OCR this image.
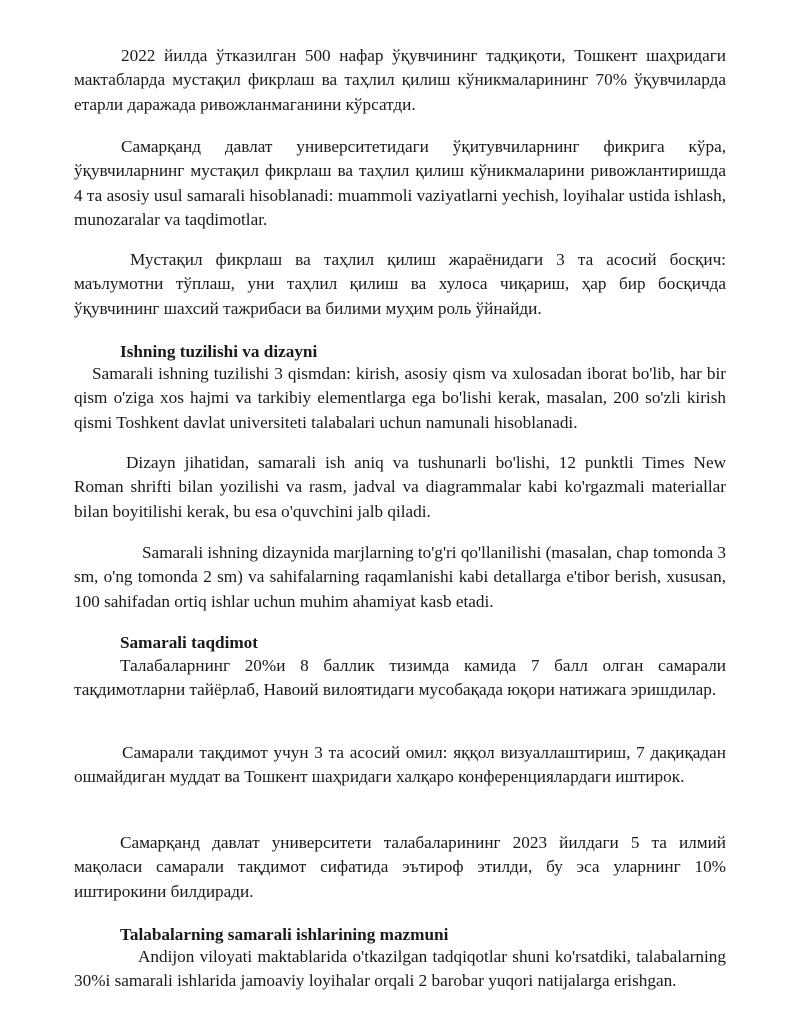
2022 йилда ўтказилган 500 нафар ўқувчининг тадқиқоти, Тошкент шаҳридаги мактабларда мустақил фикрлаш ва таҳлил қилиш кўникмаларининг 70% ўқувчиларда етарли даражада ривожланмаганини кўрсатди.

Самарқанд давлат университетидаги ўқитувчиларнинг фикрига кўра, ўқувчиларнинг мустақил фикрлаш ва таҳлил қилиш кўникмаларини ривожлантиришда 4 та asosiy usul samarali hisoblanadi: muammoli vaziyatlarni yechish, loyihalar ustida ishlash, munozaralar va taqdimotlar.

Мустақил фикрлаш ва таҳлил қилиш жараёнидаги 3 та асосий босқич: маълумотни тўплаш, уни таҳлил қилиш ва хулоса чиқариш, ҳар бир босқичда ўқувчининг шахсий тажрибаси ва билими муҳим роль ўйнайди.

Ishning tuzilishi va dizayni

Samarali ishning tuzilishi 3 qismdan: kirish, asosiy qism va xulosadan iborat bo'lib, har bir qism o'ziga xos hajmi va tarkibiy elementlarga ega bo'lishi kerak, masalan, 200 so'zli kirish qismi Toshkent davlat universiteti talabalari uchun namunali hisoblanadi.

Dizayn jihatidan, samarali ish aniq va tushunarli bo'lishi, 12 punktli Times New Roman shrifti bilan yozilishi va rasm, jadval va diagrammalar kabi ko'rgazmali materiallar bilan boyitilishi kerak, bu esa o'quvchini jalb qiladi.

Samarali ishning dizaynida marjlarning to'g'ri qo'llanilishi (masalan, chap tomonda 3 sm, o'ng tomonda 2 sm) va sahifalarning raqamlanishi kabi detallarga e'tibor berish, xususan, 100 sahifadan ortiq ishlar uchun muhim ahamiyat kasb etadi.

Samarali taqdimot

Талабаларнинг 20%и 8 баллик тизимда камида 7 балл олган самарали тақдимотларни тайёрлаб, Навоий вилоятидаги мусобақада юқори натижага эришдилар.

Самарали тақдимот учун 3 та асосий омил: яққол визуаллаштириш, 7 дақиқадан ошмайдиган муддат ва Тошкент шаҳридаги халқаро конференциялардаги иштирок.

Самарқанд давлат университети талабаларининг 2023 йилдаги 5 та илмий мақоласи самарали тақдимот сифатида эътироф этилди, бу эса уларнинг 10% иштирокини билдиради.

Talabalarning samarali ishlarining mazmuni

Andijon viloyati maktablarida o'tkazilgan tadqiqotlar shuni ko'rsatdiki, talabalarning 30%i samarali ishlarida jamoaviy loyihalar orqali 2 barobar yuqori natijalarga erishgan.
